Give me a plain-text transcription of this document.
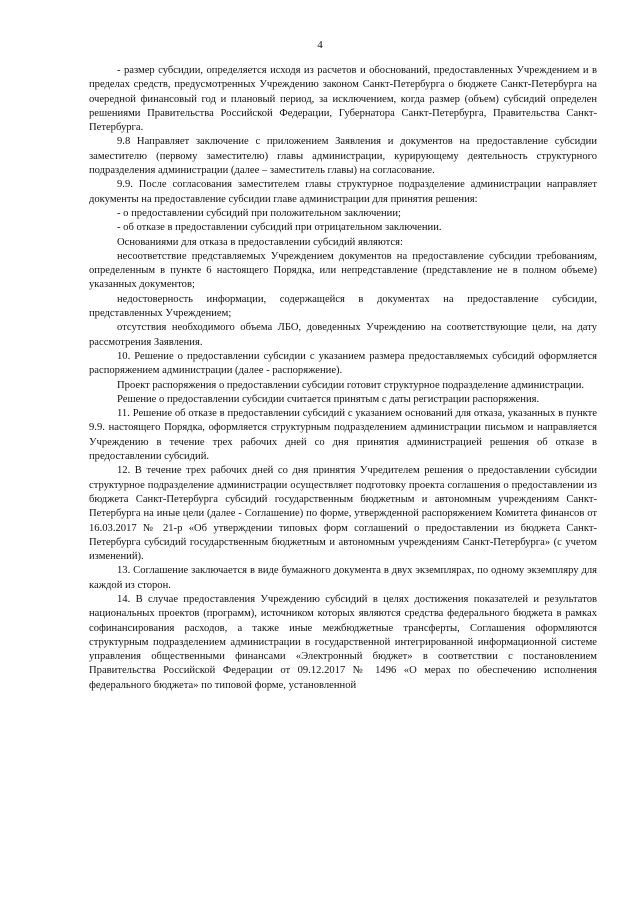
4

- размер субсидии, определяется исходя из расчетов и обоснований, предоставленных Учреждением и в пределах средств, предусмотренных Учреждению законом Санкт-Петербурга о бюджете Санкт-Петербурга на очередной финансовый год и плановый период, за исключением, когда размер (объем) субсидий определен решениями Правительства Российской Федерации, Губернатора Санкт-Петербурга, Правительства Санкт-Петербурга.

9.8 Направляет заключение с приложением Заявления и документов на предоставление субсидии заместителю (первому заместителю) главы администрации, курирующему деятельность структурного подразделения администрации (далее – заместитель главы) на согласование.

9.9. После согласования заместителем главы структурное подразделение администрации направляет документы на предоставление субсидии главе администрации для принятия решения:

- о предоставлении субсидий при положительном заключении;

- об отказе в предоставлении субсидий при отрицательном заключении.

Основаниями для отказа в предоставлении субсидий являются:

несоответствие представляемых Учреждением документов на предоставление субсидии требованиям, определенным в пункте 6 настоящего Порядка, или непредставление (представление не в полном объеме) указанных документов;

недостоверность информации, содержащейся в документах на предоставление субсидии, представленных Учреждением;

отсутствия необходимого объема ЛБО, доведенных Учреждению на соответствующие цели, на дату рассмотрения Заявления.

10. Решение о предоставлении субсидии с указанием размера предоставляемых субсидий оформляется распоряжением администрации (далее - распоряжение).

Проект распоряжения о предоставлении субсидии готовит структурное подразделение администрации.

Решение о предоставлении субсидии считается принятым с даты регистрации распоряжения.

11. Решение об отказе в предоставлении субсидий с указанием оснований для отказа, указанных в пункте 9.9. настоящего Порядка, оформляется структурным подразделением администрации письмом и направляется Учреждению в течение трех рабочих дней со дня принятия администрацией решения об отказе в предоставлении субсидий.

12. В течение трех рабочих дней со дня принятия Учредителем решения о предоставлении субсидии структурное подразделение администрации осуществляет подготовку проекта соглашения о предоставлении из бюджета Санкт-Петербурга субсидий государственным бюджетным и автономным учреждениям Санкт-Петербурга на иные цели (далее - Соглашение) по форме, утвержденной распоряжением Комитета финансов от 16.03.2017 № 21-р «Об утверждении типовых форм соглашений о предоставлении из бюджета Санкт-Петербурга субсидий государственным бюджетным и автономным учреждениям Санкт-Петербурга» (с учетом изменений).

13. Соглашение заключается в виде бумажного документа в двух экземплярах, по одному экземпляру для каждой из сторон.

14. В случае предоставления Учреждению субсидий в целях достижения показателей и результатов национальных проектов (программ), источником которых являются средства федерального бюджета в рамках софинансирования расходов, а также иные межбюджетные трансферты, Соглашения оформляются структурным подразделением администрации в государственной интегрированной информационной системе управления общественными финансами «Электронный бюджет» в соответствии с постановлением Правительства Российской Федерации от 09.12.2017 № 1496 «О мерах по обеспечению исполнения федерального бюджета» по типовой форме, установленной
